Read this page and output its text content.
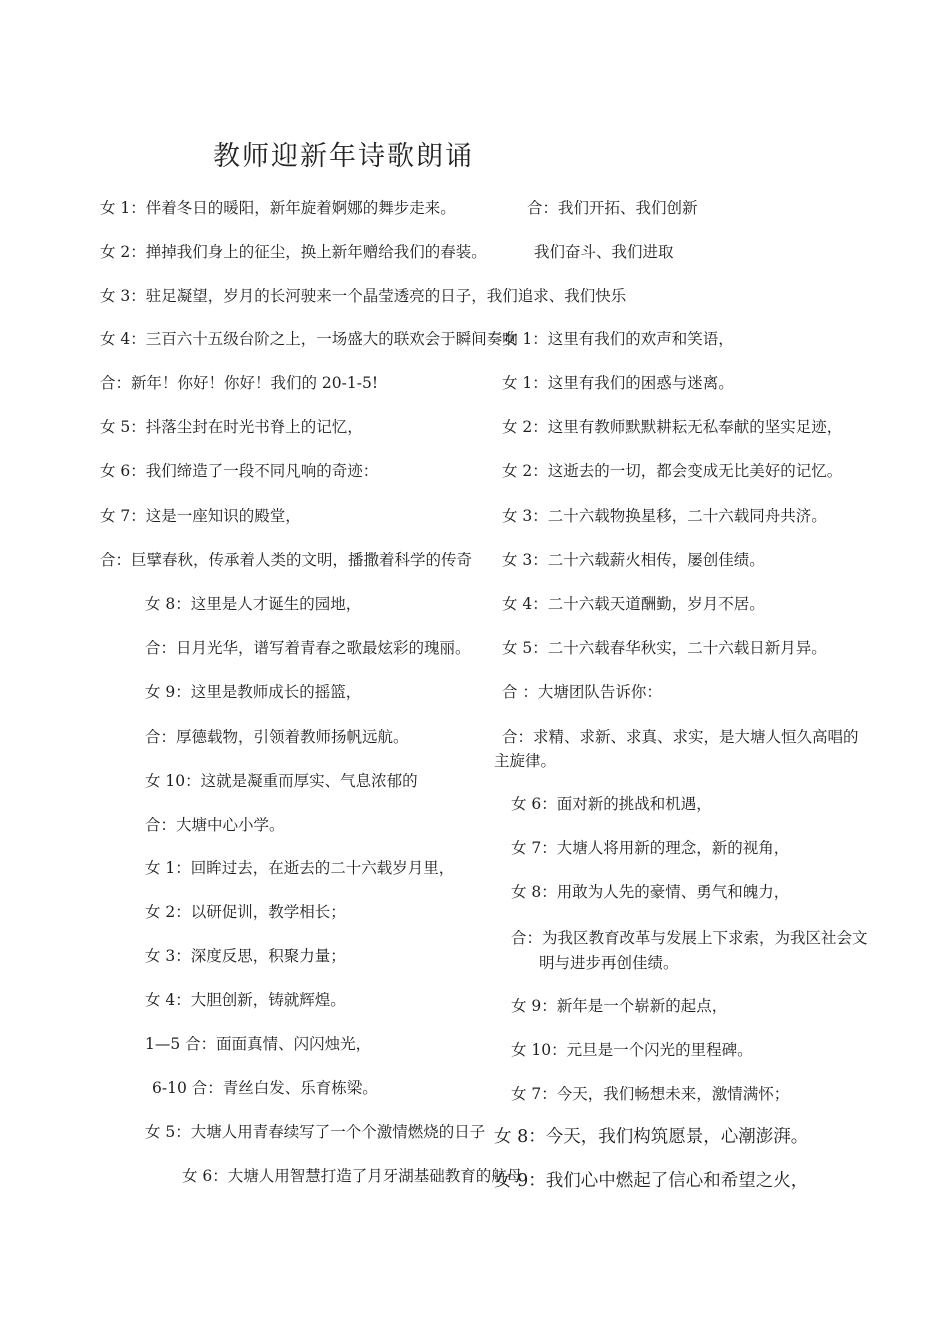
教师迎新年诗歌朗诵
女 1：伴着冬日的暖阳，新年旋着婀娜的舞步走来。
女 2：掸掉我们身上的征尘，换上新年赠给我们的春装。
女 3：驻足凝望，岁月的长河驶来一个晶莹透亮的日子，我们追求、我们快乐
女 4：三百六十五级台阶之上，一场盛大的联欢会于瞬间奏响
合：新年！你好！你好！我们的 20-1-5!
女 5：抖落尘封在时光书脊上的记忆，
女 6：我们缔造了一段不同凡响的奇迹：
女 7：这是一座知识的殿堂，
合：巨擘春秋，传承着人类的文明，播撒着科学的传奇
女 8：这里是人才诞生的园地，
合：日月光华，谱写着青春之歌最炫彩的瑰丽。
女 9：这里是教师成长的摇篮，
合：厚德载物，引领着教师扬帆远航。
女 10：这就是凝重而厚实、气息浓郁的
合：大塘中心小学。
女 1：回眸过去，在逝去的二十六载岁月里，
女 2：以研促训，教学相长；
女 3：深度反思，积聚力量；
女 4：大胆创新，铸就辉煌。
1—5 合：面面真情、闪闪烛光，
6-10 合：青丝白发、乐育栋梁。
女 5：大塘人用青春续写了一个个激情燃烧的日子
女 6：大塘人用智慧打造了月牙湖基础教育的航母
合：我们开拓、我们创新
我们奋斗、我们进取
女 1：这里有我们的欢声和笑语，
女 1：这里有我们的困惑与迷离。
女 2：这里有教师默默耕耘无私奉献的坚实足迹，
女 2：这逝去的一切，都会变成无比美好的记忆。
女 3：二十六载物换星移，二十六载同舟共济。
女 3：二十六载薪火相传，屡创佳绩。
女 4：二十六载天道酬勤，岁月不居。
女 5：二十六载春华秋实，二十六载日新月异。
合 ：大塘团队告诉你：
合：求精、求新、求真、求实，是大塘人恒久高唱的
主旋律。
女 6：面对新的挑战和机遇，
女 7：大塘人将用新的理念，新的视角，
女 8：用敢为人先的豪情、勇气和魄力，
合：为我区教育改革与发展上下求索，为我区社会文
明与进步再创佳绩。
女 9：新年是一个崭新的起点，
女 10：元旦是一个闪光的里程碑。
女 7：今天，我们畅想未来，激情满怀；
女 8：今天，我们构筑愿景，心潮澎湃。
女 9：我们心中燃起了信心和希望之火，
